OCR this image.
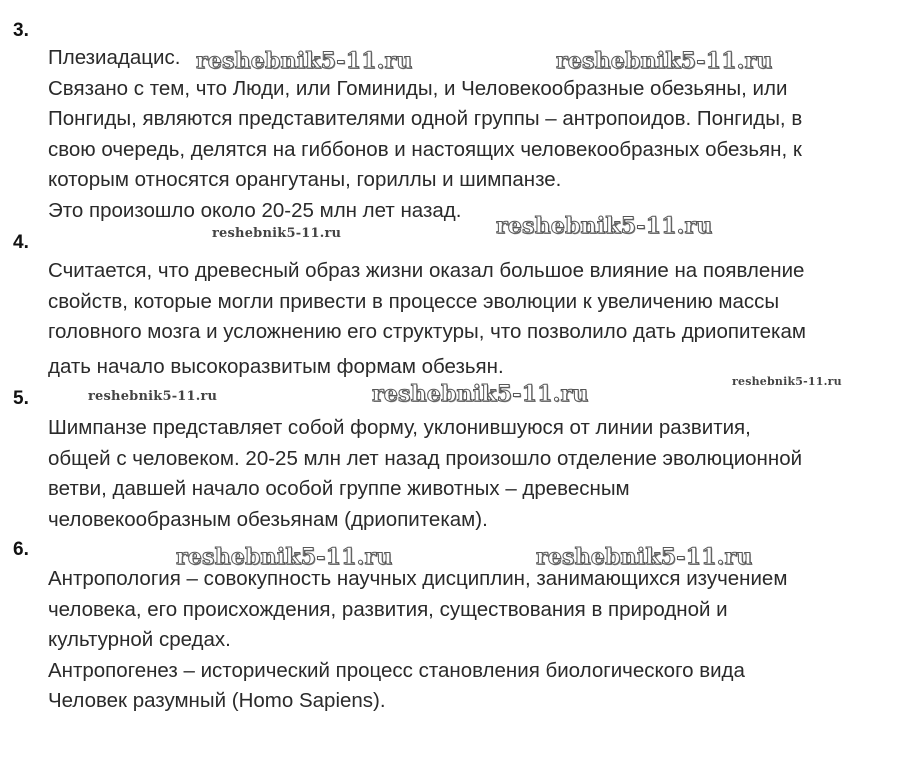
3.
Плезиадацис.
Связано с тем, что Люди, или Гоминиды, и Человекообразные обезьяны, или
Понгиды, являются представителями одной группы – антропоидов. Понгиды, в
свою очередь, делятся на гиббонов и настоящих человекообразных обезьян, к
которым относятся орангутаны, гориллы и шимпанзе.
Это произошло около 20-25 млн лет назад.
4.
Считается, что древесный образ жизни оказал большое влияние на появление
свойств, которые могли привести в процессе эволюции к увеличению массы
головного мозга и усложнению его структуры, что позволило дать дриопитекам
дать начало высокоразвитым формам обезьян.
5.
Шимпанзе представляет собой форму, уклонившуюся от линии развития,
общей с человеком. 20-25 млн лет назад произошло отделение эволюционной
ветви, давшей начало особой группе животных – древесным
человекообразным обезьянам (дриопитекам).
6.
Антропология – совокупность научных дисциплин, занимающихся изучением
человека, его происхождения, развития, существования в природной и
культурной средах.
Антропогенез – исторический процесс становления биологического вида
Человек разумный (Homo Sapiens).
reshebnik5-11.ru	reshebnik5-11.ru
reshebnik5-11.ru	reshebnik5-11.ru
reshebnik5-11.ru	reshebnik5-11.ru	reshebnik5-11.ru
reshebnik5-11.ru	reshebnik5-11.ru
